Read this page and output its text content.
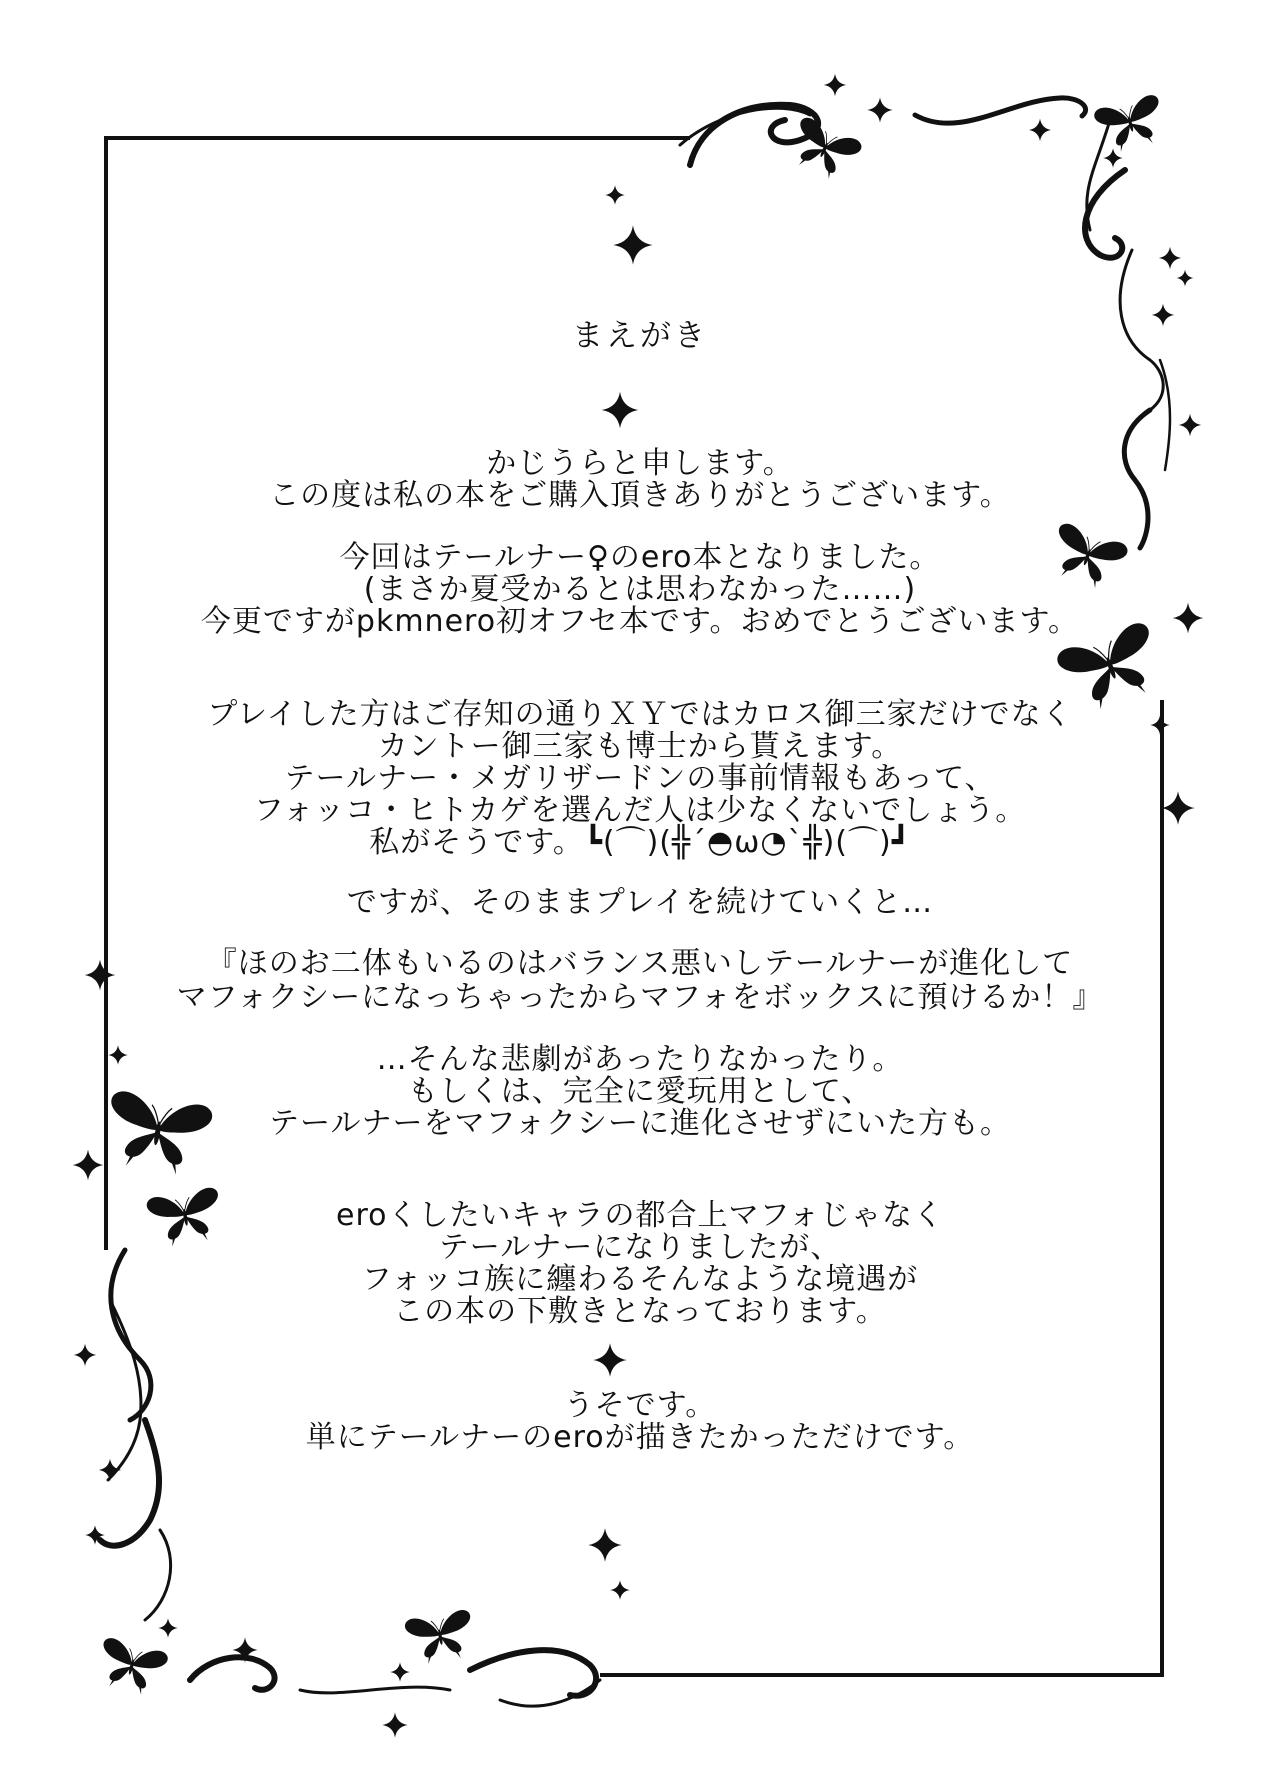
まえがき
かじうらと申します。
この度は私の本をご購入頂きありがとうございます。
今回はテールナー♀のero本となりました。
(まさか夏受かるとは思わなかった……)
今更ですがpkmnero初オフセ本です。おめでとうございます。
プレイした方はご存知の通りＸＹではカロス御三家だけでなく
カントー御三家も博士から貰えます。
テールナー・メガリザードンの事前情報もあって、
フォッコ・ヒトカゲを選んだ人は少なくないでしょう。
私がそうです。┗(⌒)(╬´◓ω◔`╬)(⌒)┛
ですが、そのままプレイを続けていくと…
『ほのお二体もいるのはバランス悪いしテールナーが進化して
マフォクシーになっちゃったからマフォをボックスに預けるか！』
…そんな悲劇があったりなかったり。
もしくは、完全に愛玩用として、
テールナーをマフォクシーに進化させずにいた方も。
eroくしたいキャラの都合上マフォじゃなく
テールナーになりましたが、
フォッコ族に纏わるそんなような境遇が
この本の下敷きとなっております。
うそです。
単にテールナーのeroが描きたかっただけです。
